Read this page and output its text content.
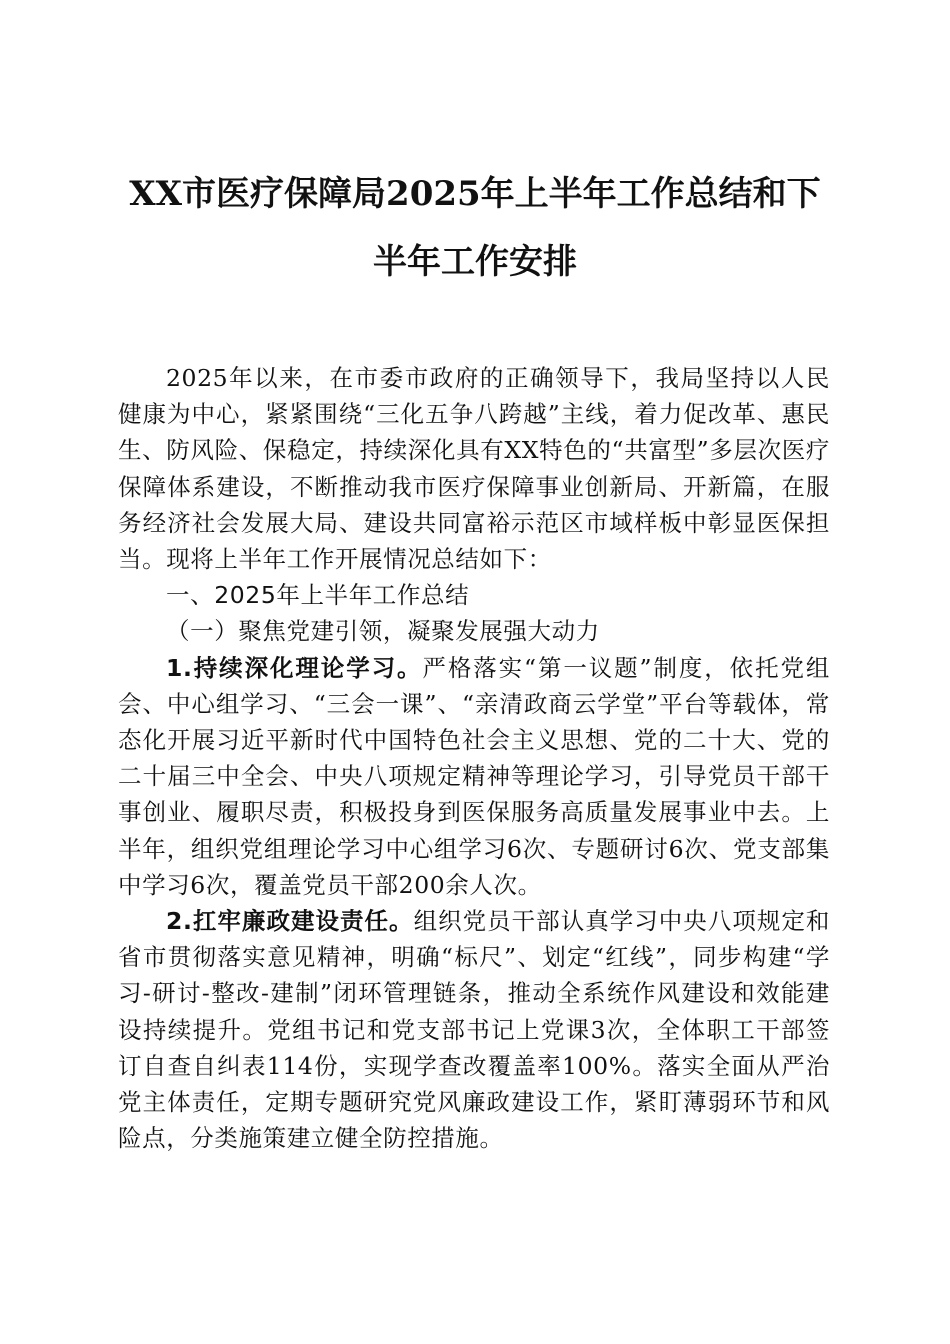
XX市医疗保障局2025年上半年工作总结和下
半年工作安排

2025年以来，在市委市政府的正确领导下，我局坚持以人民健康为中心，紧紧围绕“三化五争八跨越”主线，着力促改革、惠民生、防风险、保稳定，持续深化具有XX特色的“共富型”多层次医疗保障体系建设，不断推动我市医疗保障事业创新局、开新篇，在服务经济社会发展大局、建设共同富裕示范区市域样板中彰显医保担当。现将上半年工作开展情况总结如下：

一、2025年上半年工作总结

（一）聚焦党建引领，凝聚发展强大动力

1.持续深化理论学习。严格落实“第一议题”制度，依托党组会、中心组学习、“三会一课”、“亲清政商云学堂”平台等载体，常态化开展习近平新时代中国特色社会主义思想、党的二十大、党的二十届三中全会、中央八项规定精神等理论学习，引导党员干部干事创业、履职尽责，积极投身到医保服务高质量发展事业中去。上半年，组织党组理论学习中心组学习6次、专题研讨6次、党支部集中学习6次，覆盖党员干部200余人次。

2.扛牢廉政建设责任。组织党员干部认真学习中央八项规定和省市贯彻落实意见精神，明确“标尺”、划定“红线”，同步构建“学习-研讨-整改-建制”闭环管理链条，推动全系统作风建设和效能建设持续提升。党组书记和党支部书记上党课3次，全体职工干部签订自查自纠表114份，实现学查改覆盖率100%。落实全面从严治党主体责任，定期专题研究党风廉政建设工作，紧盯薄弱环节和风险点，分类施策建立健全防控措施。
